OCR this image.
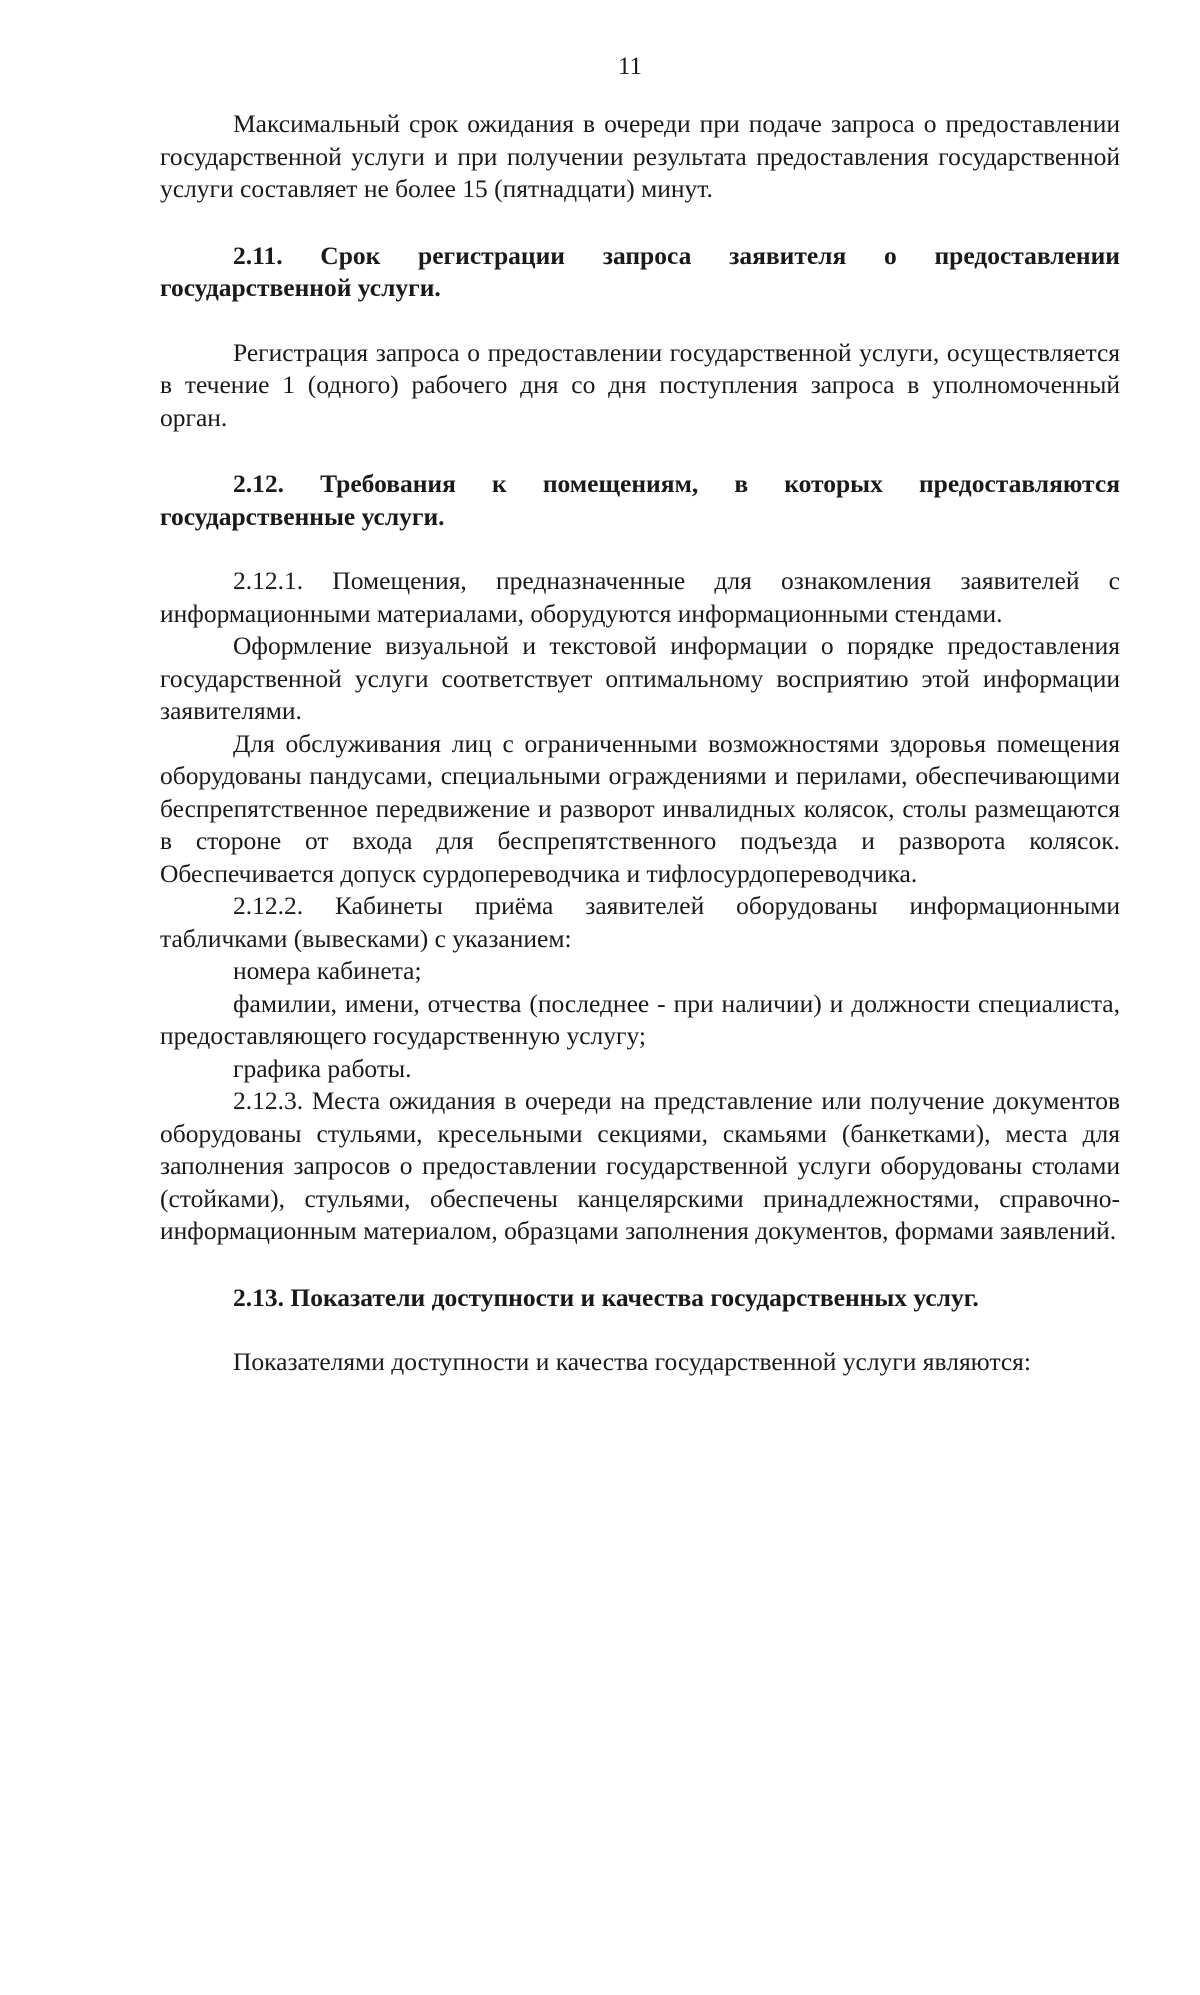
11

Максимальный срок ожидания в очереди при подаче запроса о предоставлении государственной услуги и при получении результата предоставления государственной услуги составляет не более 15 (пятнадцати) минут.

2.11. Срок регистрации запроса заявителя о предоставлении государственной услуги.

Регистрация запроса о предоставлении государственной услуги, осуществляется в течение 1 (одного) рабочего дня со дня поступления запроса в уполномоченный орган.

2.12. Требования к помещениям, в которых предоставляются государственные услуги.

2.12.1. Помещения, предназначенные для ознакомления заявителей с информационными материалами, оборудуются информационными стендами.

Оформление визуальной и текстовой информации о порядке предоставления государственной услуги соответствует оптимальному восприятию этой информации заявителями.

Для обслуживания лиц с ограниченными возможностями здоровья помещения оборудованы пандусами, специальными ограждениями и перилами, обеспечивающими беспрепятственное передвижение и разворот инвалидных колясок, столы размещаются в стороне от входа для беспрепятственного подъезда и разворота колясок. Обеспечивается допуск сурдопереводчика и тифлосурдопереводчика.

2.12.2. Кабинеты приёма заявителей оборудованы информационными табличками (вывесками) с указанием:

номера кабинета;

фамилии, имени, отчества (последнее - при наличии) и должности специалиста, предоставляющего государственную услугу;

графика работы.

2.12.3. Места ожидания в очереди на представление или получение документов оборудованы стульями, кресельными секциями, скамьями (банкетками), места для заполнения запросов о предоставлении государственной услуги оборудованы столами (стойками), стульями, обеспечены канцелярскими принадлежностями, справочно-информационным материалом, образцами заполнения документов, формами заявлений.

2.13. Показатели доступности и качества государственных услуг.

Показателями доступности и качества государственной услуги являются:
